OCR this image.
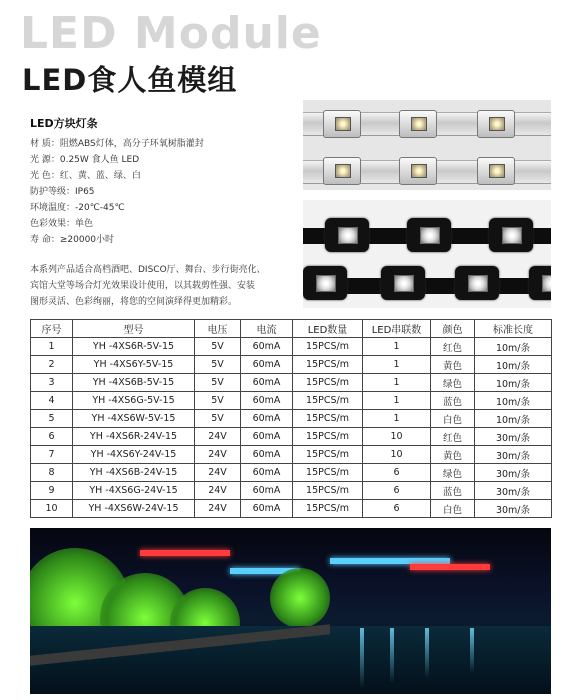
LED Module
LED食人鱼模组
LED方块灯条
材 质：阻燃ABS灯体，高分子环氧树脂灌封
光 源：0.25W 食人鱼 LED
光 色：红、黄、蓝、绿、白
防护等级：IP65
环境温度：-20℃-45℃
色彩效果：单色
寿 命：≥20000小时
本系列产品适合高档酒吧、DISCO厅、舞台、步行街亮化、
宾馆大堂等场合灯光效果设计使用，以其载剪性强、安装
图形灵活、色彩绚丽，将您的空间演绎得更加精彩。
序号	型号	电压	电流	LED数量	LED串联数	颜色	标准长度
1	YH -4XS6R-5V-15	5V	60mA	15PCS/m	1	红色	10m/条
2	YH -4XS6Y-5V-15	5V	60mA	15PCS/m	1	黄色	10m/条
3	YH -4XS6B-5V-15	5V	60mA	15PCS/m	1	绿色	10m/条
4	YH -4XS6G-5V-15	5V	60mA	15PCS/m	1	蓝色	10m/条
5	YH -4XS6W-5V-15	5V	60mA	15PCS/m	1	白色	10m/条
6	YH -4XS6R-24V-15	24V	60mA	15PCS/m	10	红色	30m/条
7	YH -4XS6Y-24V-15	24V	60mA	15PCS/m	10	黄色	30m/条
8	YH -4XS6B-24V-15	24V	60mA	15PCS/m	6	绿色	30m/条
9	YH -4XS6G-24V-15	24V	60mA	15PCS/m	6	蓝色	30m/条
10	YH -4XS6W-24V-15	24V	60mA	15PCS/m	6	白色	30m/条
